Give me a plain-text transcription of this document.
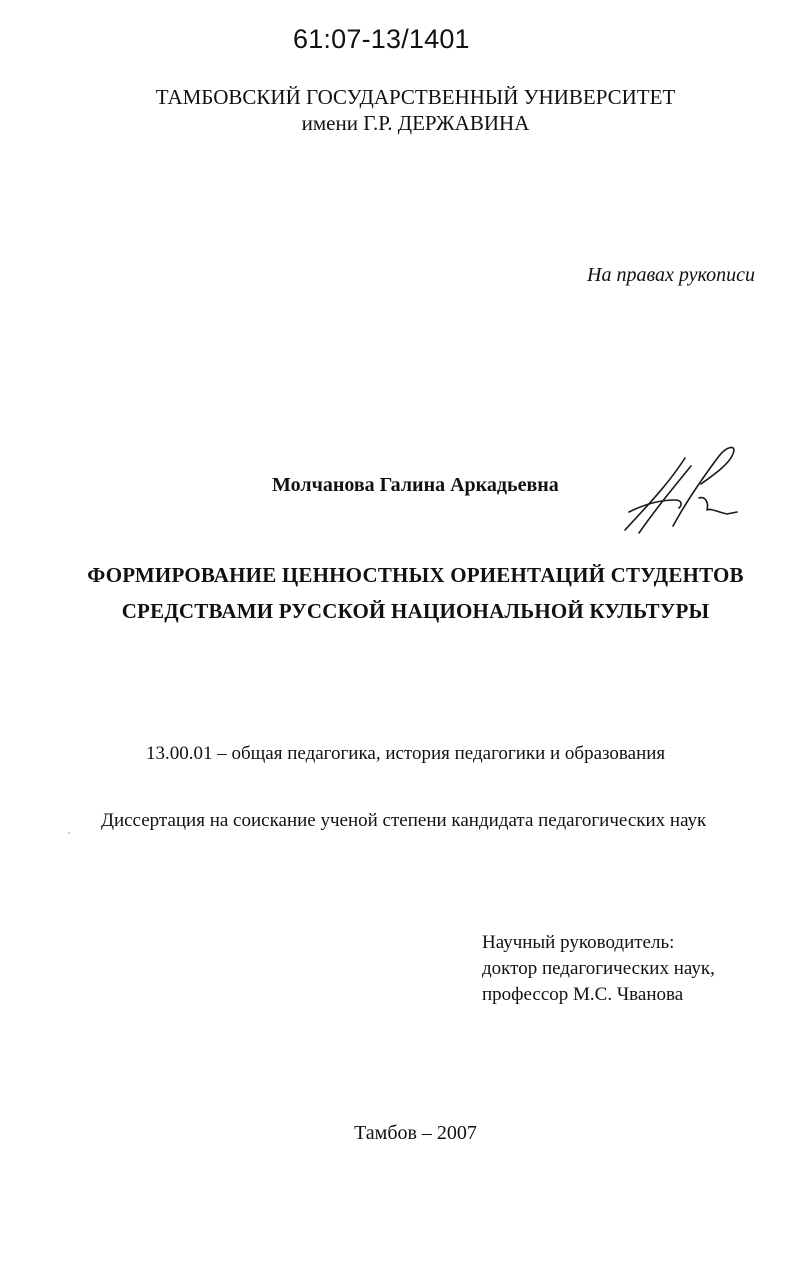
61:07-13/1401
ТАМБОВСКИЙ ГОСУДАРСТВЕННЫЙ УНИВЕРСИТЕТ
имени Г.Р. ДЕРЖАВИНА
На правах рукописи
Молчанова Галина Аркадьевна
ФОРМИРОВАНИЕ ЦЕННОСТНЫХ ОРИЕНТАЦИЙ СТУДЕНТОВ
СРЕДСТВАМИ РУССКОЙ НАЦИОНАЛЬНОЙ КУЛЬТУРЫ
13.00.01 – общая педагогика, история педагогики и образования
Диссертация на соискание ученой степени кандидата педагогических наук
Научный руководитель:
доктор педагогических наук,
профессор М.С. Чванова
Тамбов – 2007
